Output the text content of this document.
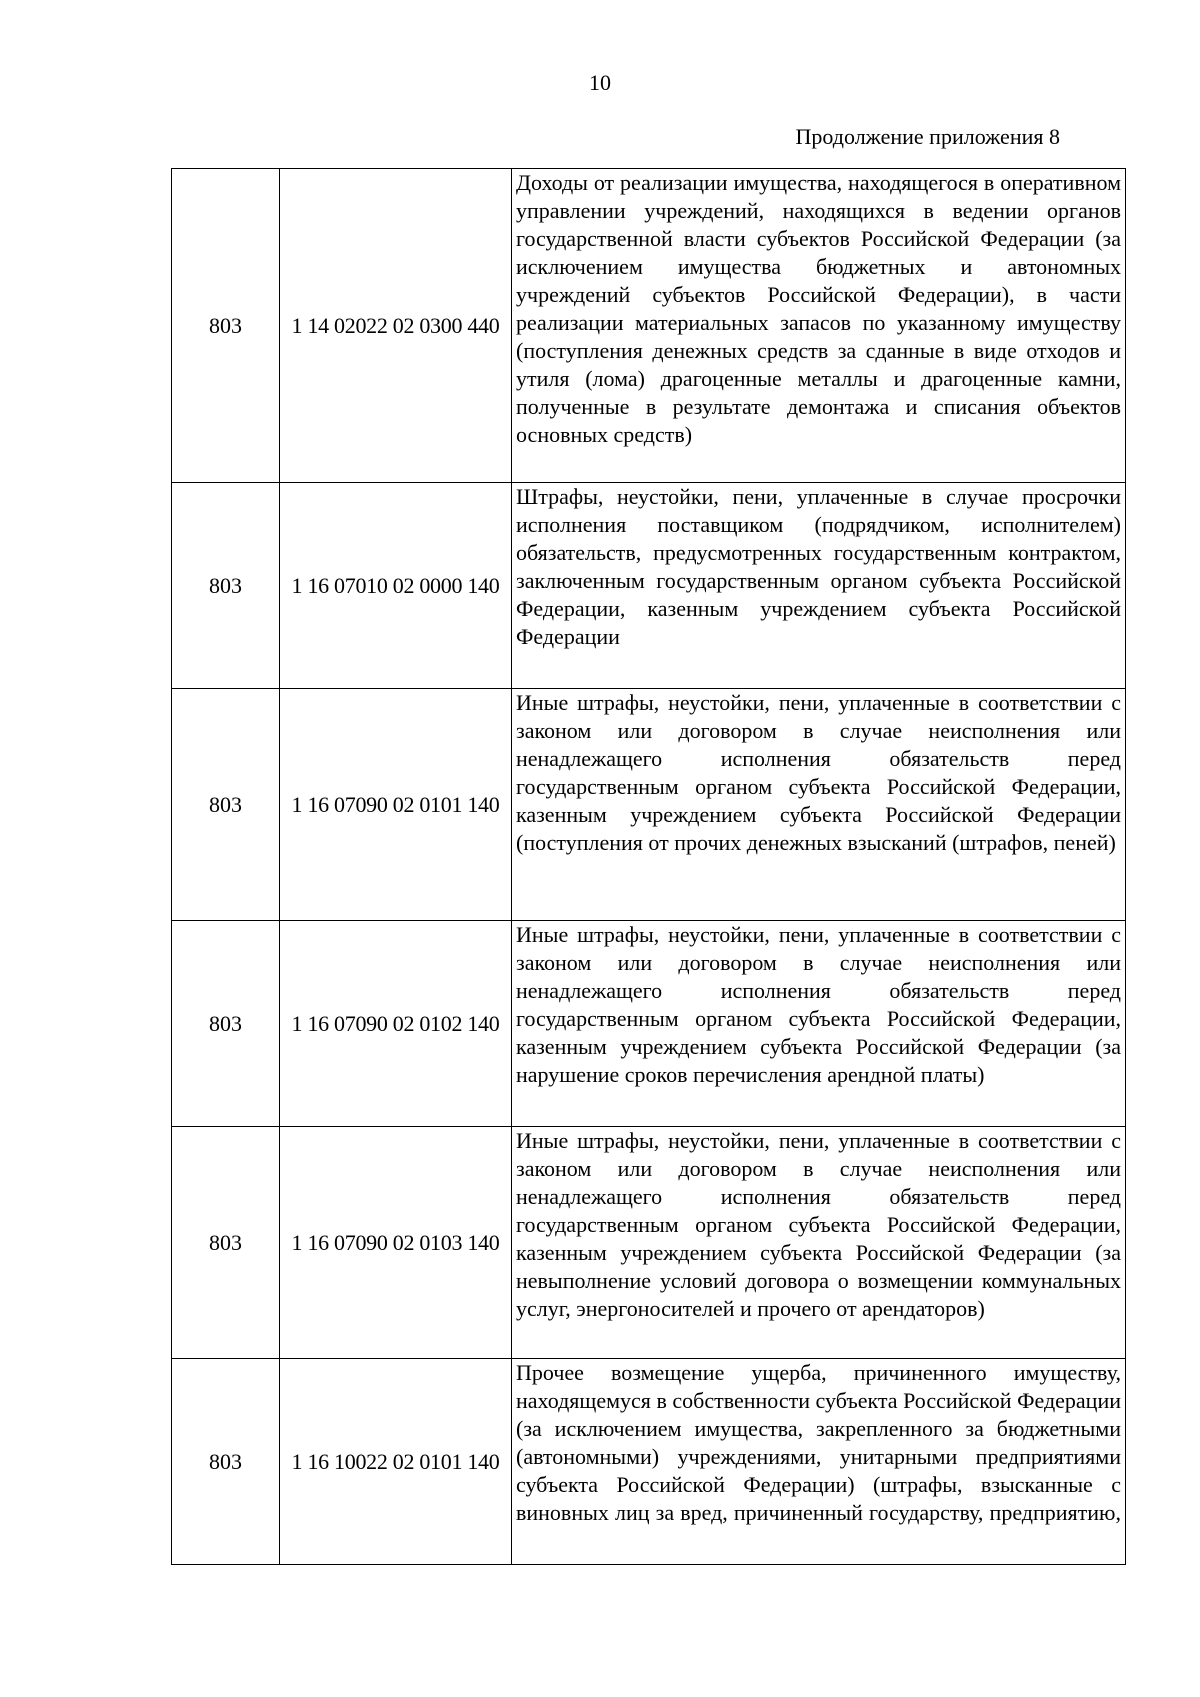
10
Продолжение приложения 8
803	1 14 02022 02 0300 440	Доходы от реализации имущества, находящегося в оперативном управлении учреждений, находящихся в ведении органов государственной власти субъектов Российской Федерации (за исключением имущества бюджетных и автономных учреждений субъектов Российской Федерации), в части реализации материальных запасов по указанному имуществу (поступления денежных средств за сданные в виде отходов и утиля (лома) драгоценные металлы и драгоценные камни, полученные в результате демонтажа и списания объектов основных средств)
803	1 16 07010 02 0000 140	Штрафы, неустойки, пени, уплаченные в случае просрочки исполнения поставщиком (подрядчиком, исполнителем) обязательств, предусмотренных государственным контрактом, заключенным государственным органом субъекта Российской Федерации, казенным учреждением субъекта Российской Федерации
803	1 16 07090 02 0101 140	Иные штрафы, неустойки, пени, уплаченные в соответствии с законом или договором в случае неисполнения или ненадлежащего исполнения обязательств перед государственным органом субъекта Российской Федерации, казенным учреждением субъекта Российской Федерации (поступления от прочих денежных взысканий (штрафов, пеней)
803	1 16 07090 02 0102 140	Иные штрафы, неустойки, пени, уплаченные в соответствии с законом или договором в случае неисполнения или ненадлежащего исполнения обязательств перед государственным органом субъекта Российской Федерации, казенным учреждением субъекта Российской Федерации (за нарушение сроков перечисления арендной платы)
803	1 16 07090 02 0103 140	Иные штрафы, неустойки, пени, уплаченные в соответствии с законом или договором в случае неисполнения или ненадлежащего исполнения обязательств перед государственным органом субъекта Российской Федерации, казенным учреждением субъекта Российской Федерации (за невыполнение условий договора о возмещении коммунальных услуг, энергоносителей и прочего от арендаторов)
803	1 16 10022 02 0101 140	Прочее возмещение ущерба, причиненного имуществу, находящемуся в собственности субъекта Российской Федерации (за исключением имущества, закрепленного за бюджетными (автономными) учреждениями, унитарными предприятиями субъекта Российской Федерации) (штрафы, взысканные с виновных лиц за вред, причиненный государству, предприятию,
